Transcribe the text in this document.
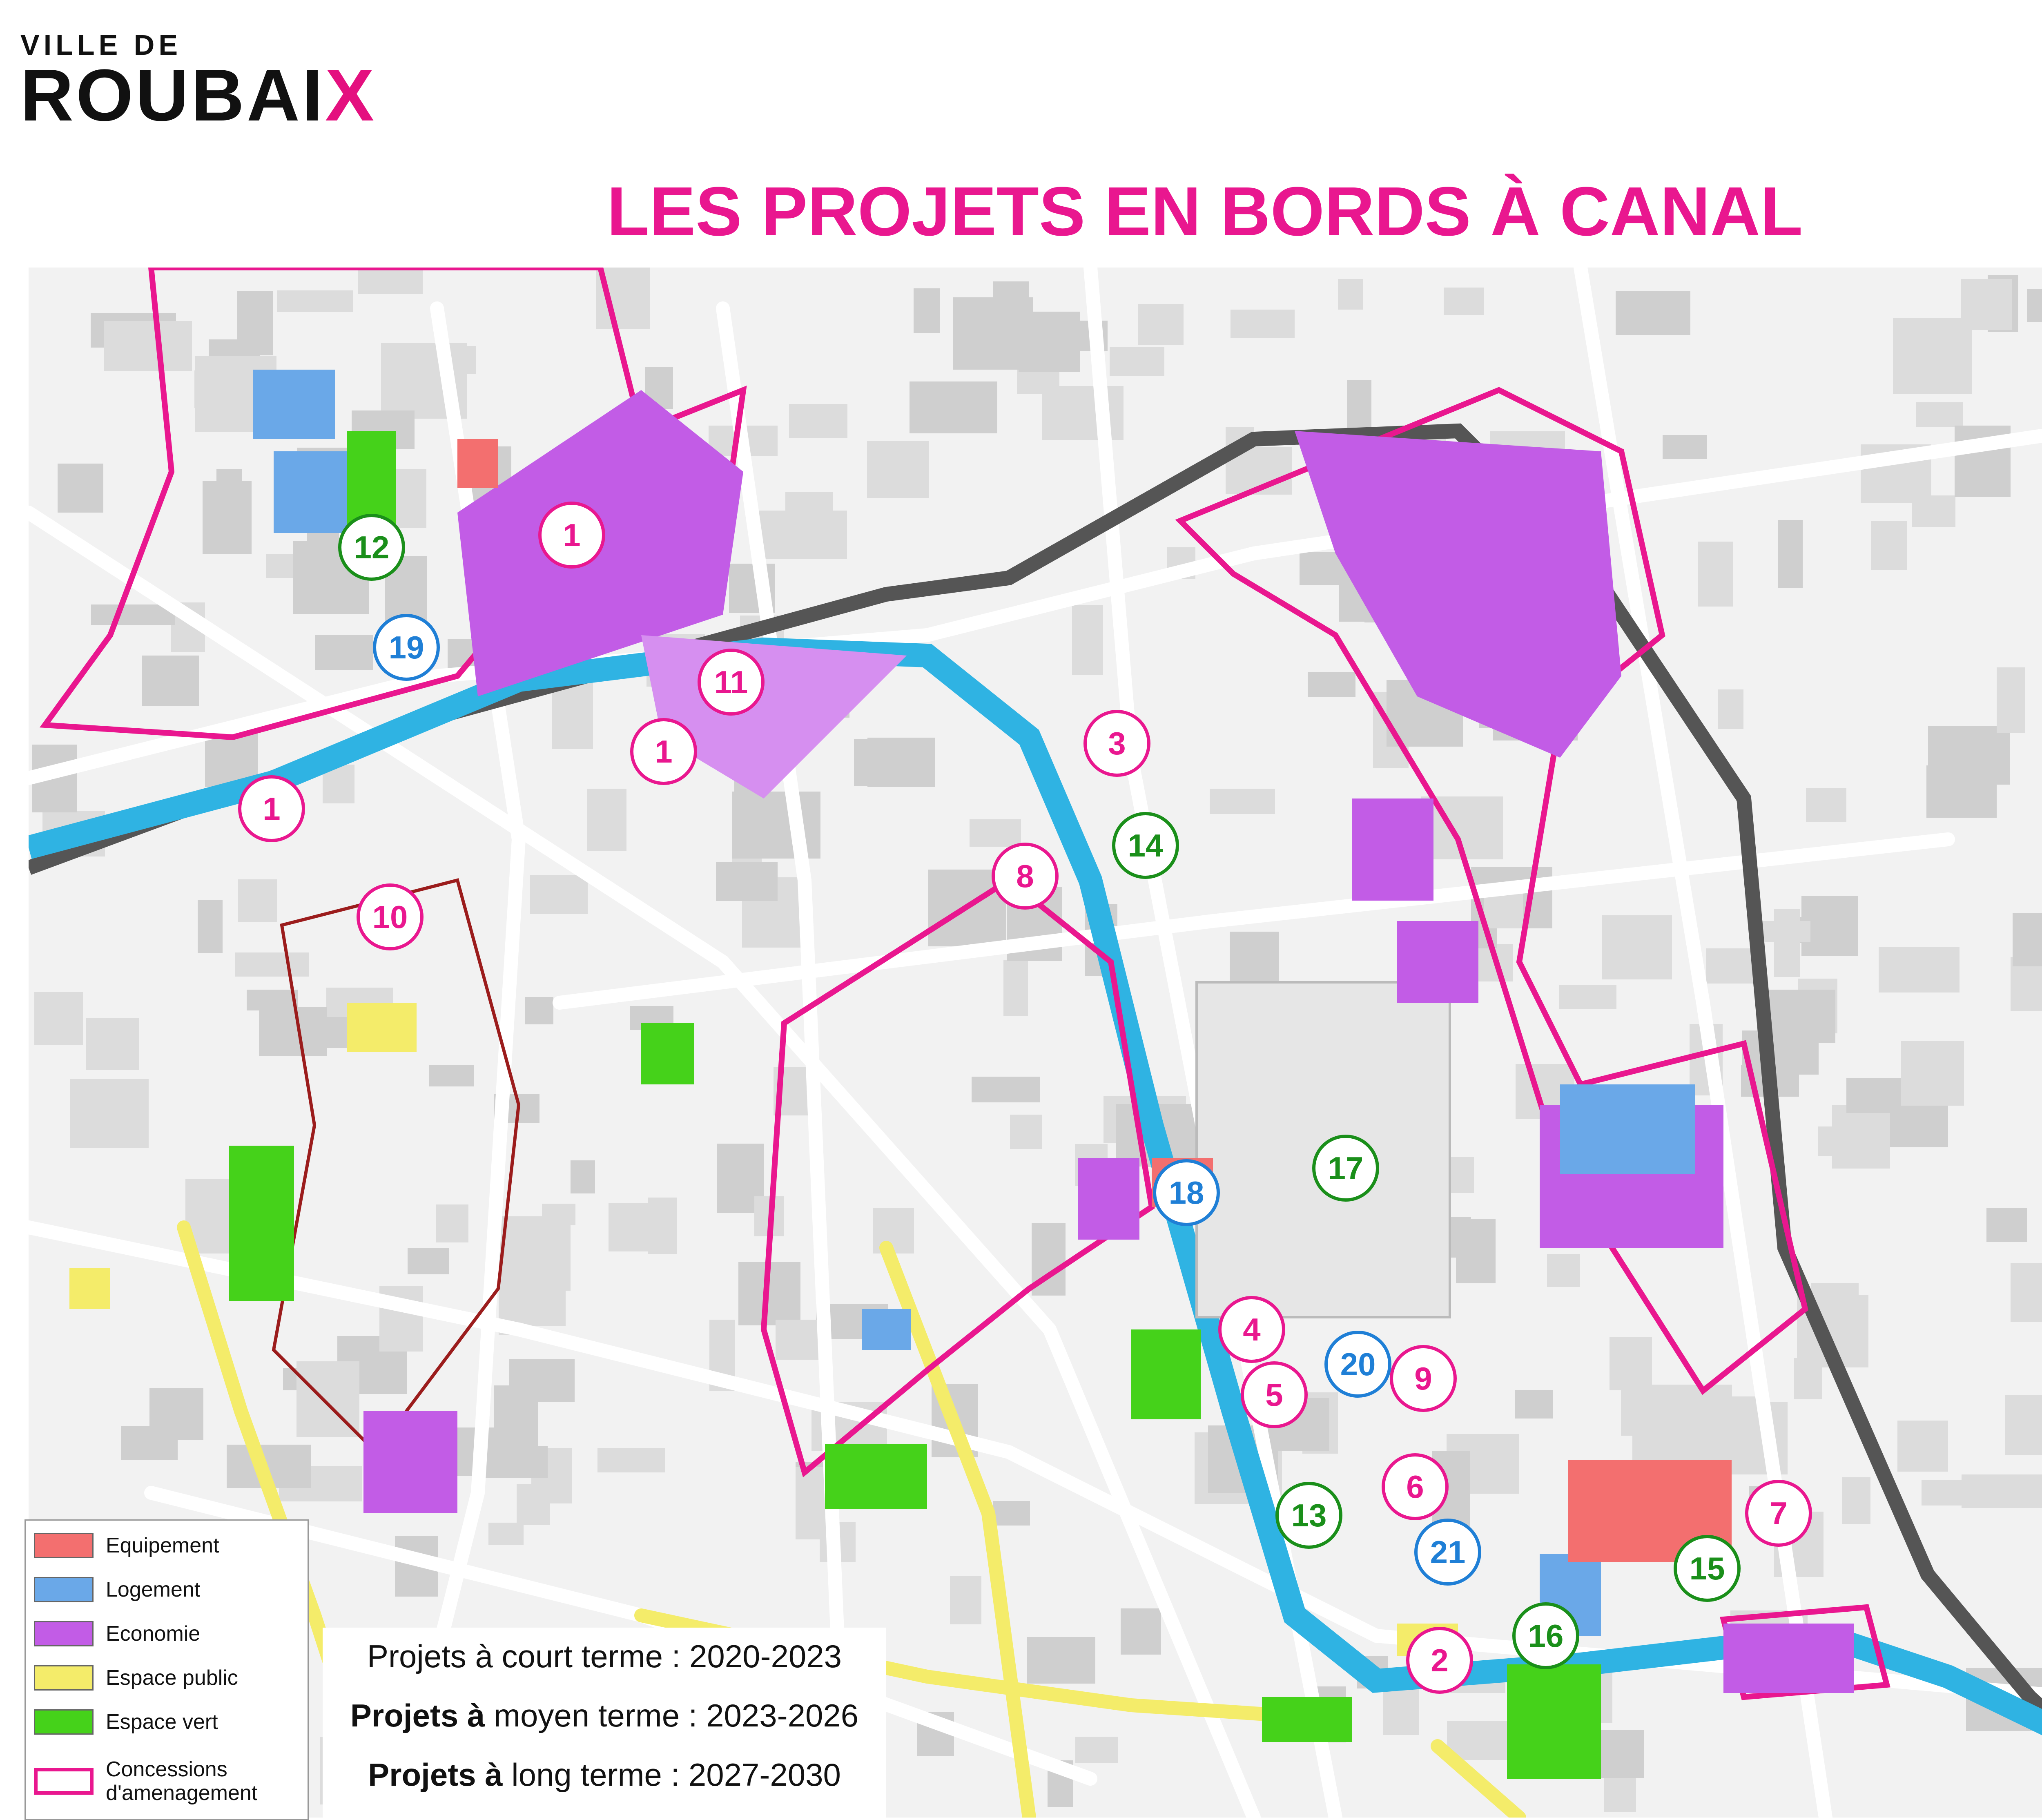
VILLE DE
ROUBAIX
LES PROJETS EN BORDS À CANAL
1
1
1
2
3
4
5
6
7
8
9
10
11
12
13
14
15
16
17
18
19
20
21
Equipement
Logement
Economie
Espace public
Espace vert
Concessions d'amenagement
Projets à court terme : 2020-2023
Projets à moyen terme : 2023-2026
Projets à long terme : 2027-2030
